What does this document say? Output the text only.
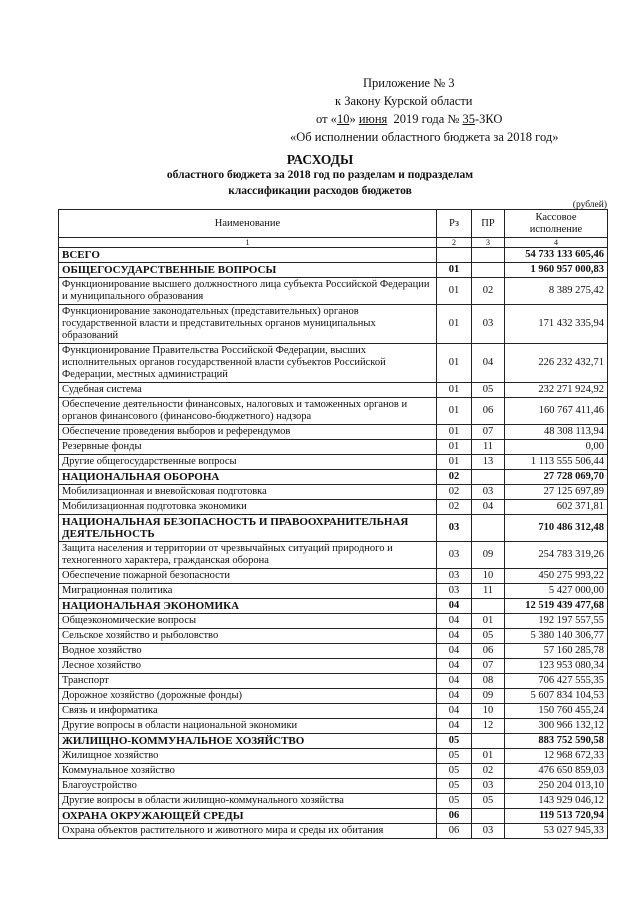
Приложение № 3
к Закону Курской области
от «10» июня 2019 года № 35-ЗКО
«Об исполнении областного бюджета за 2018 год»
РАСХОДЫ
областного бюджета за 2018 год по разделам и подразделам
классификации расходов бюджетов
(рублей)
Наименование	Рз	ПР	Кассовое исполнение
1	2	3	4
ВСЕГО			54 733 133 605,46
ОБЩЕГОСУДАРСТВЕННЫЕ ВОПРОСЫ	01		1 960 957 000,83
Функционирование высшего должностного лица субъекта Российской Федерации и муниципального образования	01	02	8 389 275,42
Функционирование законодательных (представительных) органов государственной власти и представительных органов муниципальных образований	01	03	171 432 335,94
Функционирование Правительства Российской Федерации, высших исполнительных органов государственной власти субъектов Российской Федерации, местных администраций	01	04	226 232 432,71
Судебная система	01	05	232 271 924,92
Обеспечение деятельности финансовых, налоговых и таможенных органов и органов финансового (финансово-бюджетного) надзора	01	06	160 767 411,46
Обеспечение проведения выборов и референдумов	01	07	48 308 113,94
Резервные фонды	01	11	0,00
Другие общегосударственные вопросы	01	13	1 113 555 506,44
НАЦИОНАЛЬНАЯ ОБОРОНА	02		27 728 069,70
Мобилизационная и вневойсковая подготовка	02	03	27 125 697,89
Мобилизационная подготовка экономики	02	04	602 371,81
НАЦИОНАЛЬНАЯ БЕЗОПАСНОСТЬ И ПРАВООХРАНИТЕЛЬНАЯ ДЕЯТЕЛЬНОСТЬ	03		710 486 312,48
Защита населения и территории от чрезвычайных ситуаций природного и техногенного характера, гражданская оборона	03	09	254 783 319,26
Обеспечение пожарной безопасности	03	10	450 275 993,22
Миграционная политика	03	11	5 427 000,00
НАЦИОНАЛЬНАЯ ЭКОНОМИКА	04		12 519 439 477,68
Общеэкономические вопросы	04	01	192 197 557,55
Сельское хозяйство и рыболовство	04	05	5 380 140 306,77
Водное хозяйство	04	06	57 160 285,78
Лесное хозяйство	04	07	123 953 080,34
Транспорт	04	08	706 427 555,35
Дорожное хозяйство (дорожные фонды)	04	09	5 607 834 104,53
Связь и информатика	04	10	150 760 455,24
Другие вопросы в области национальной экономики	04	12	300 966 132,12
ЖИЛИЩНО-КОММУНАЛЬНОЕ ХОЗЯЙСТВО	05		883 752 590,58
Жилищное хозяйство	05	01	12 968 672,33
Коммунальное хозяйство	05	02	476 650 859,03
Благоустройство	05	03	250 204 013,10
Другие вопросы в области жилищно-коммунального хозяйства	05	05	143 929 046,12
ОХРАНА ОКРУЖАЮЩЕЙ СРЕДЫ	06		119 513 720,94
Охрана объектов растительного и животного мира и среды их обитания	06	03	53 027 945,33
